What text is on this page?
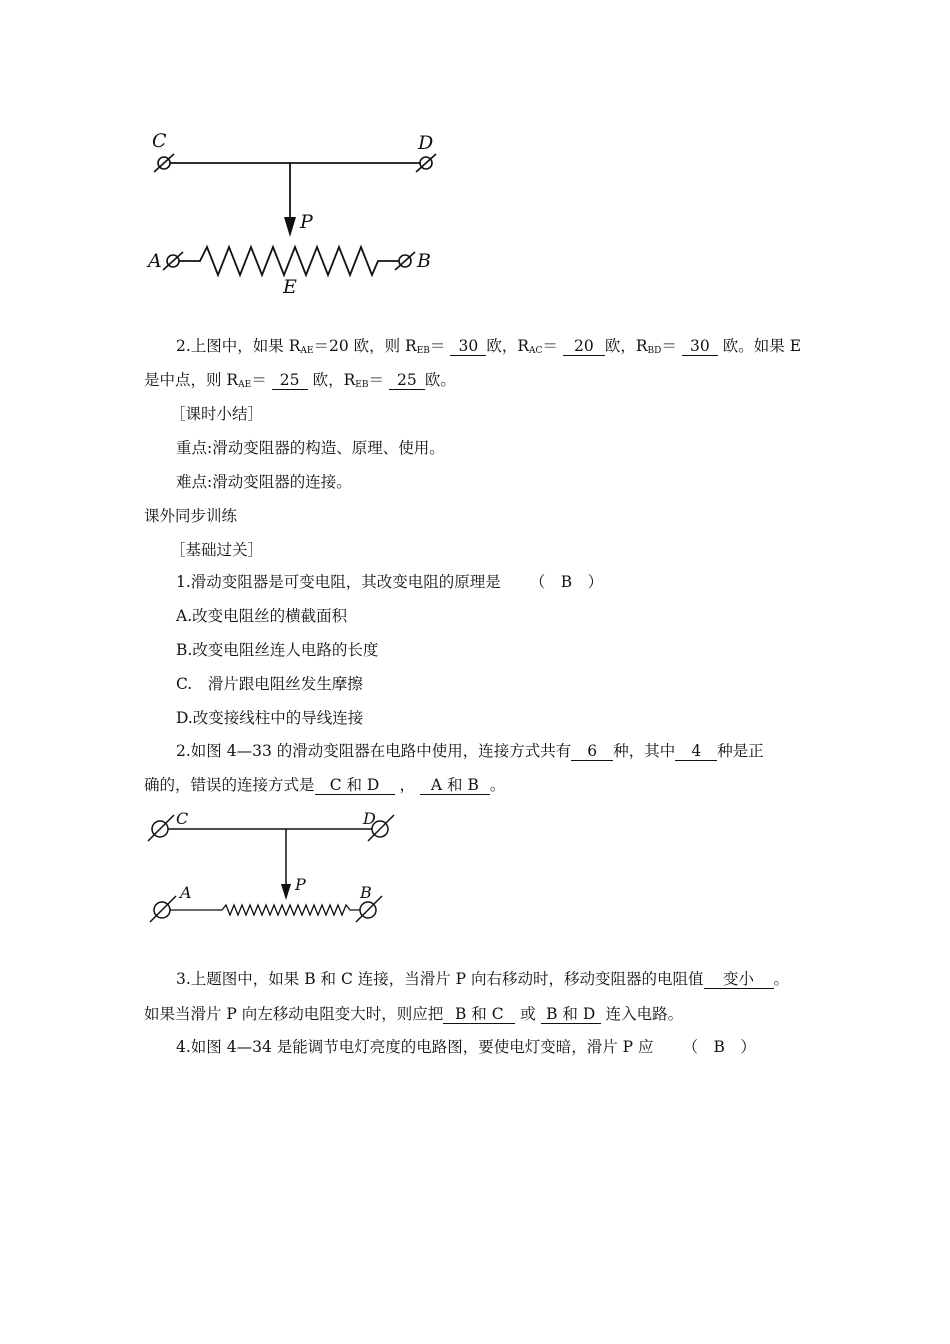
C	D
P
A	B
E
2.上图中，如果 $R_{AE}=20$ 欧，则 $R_{EB}= 30$ 欧，$R_{AC}= 20$ 欧，$R_{BD}= 30$ 欧。如果 E
是中点，则 $R_{AE}= 25$ 欧，$R_{EB}= 25$ 欧。
［课时小结］
重点:滑动变阻器的构造、原理、使用。
难点:滑动变阻器的连接。
课外同步训练
［基础过关］
1.滑动变阻器是可变电阻，其改变电阻的原理是 （　B　）
A.改变电阻丝的横截面积
B.改变电阻丝连人电路的长度
C.　滑片跟电阻丝发生摩擦
D.改变接线柱中的导线连接
2.如图 4—33 的滑动变阻器在电路中使用，连接方式共有 6 种，其中 4 种是正
确的，错误的连接方式是 C 和 D ， A 和 B 。
C	D
P
A	B
3.上题图中，如果 B 和 C 连接，当滑片 P 向右移动时，移动变阻器的电阻值 变小 。
如果当滑片 P 向左移动电阻变大时，则应把 B 和 C 或 B 和 D 连入电路。
4.如图 4—34 是能调节电灯亮度的电路图，要使电灯变暗，滑片 P 应 （　B　）
